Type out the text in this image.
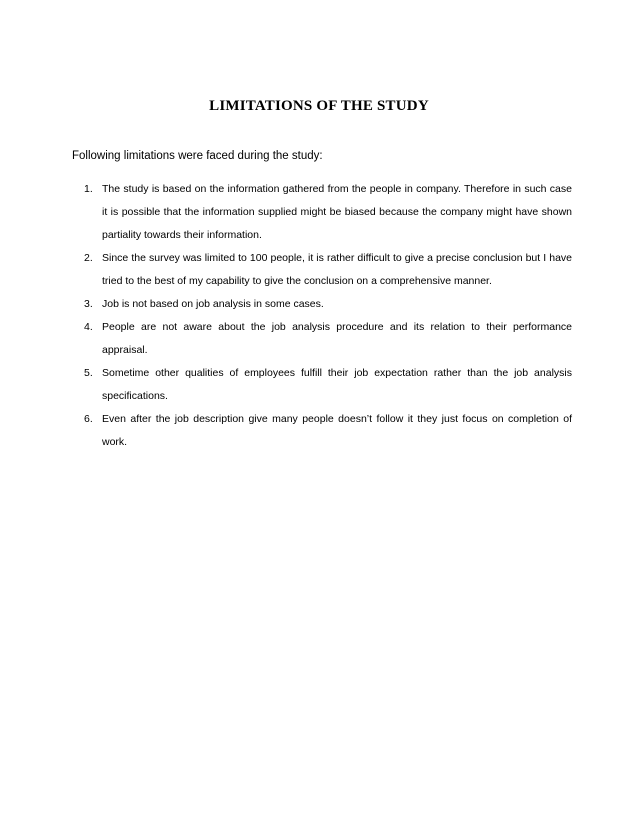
LIMITATIONS OF THE STUDY

Following limitations were faced during the study:

1. The study is based on the information gathered from the people in company. Therefore in such case it is possible that the information supplied might be biased because the company might have shown partiality towards their information.
2. Since the survey was limited to 100 people, it is rather difficult to give a precise conclusion but I have tried to the best of my capability to give the conclusion on a comprehensive manner.
3. Job is not based on job analysis in some cases.
4. People are not aware about the job analysis procedure and its relation to their performance appraisal.
5. Sometime other qualities of employees fulfill their job expectation rather than the job analysis specifications.
6. Even after the job description give many people doesn’t follow it they just focus on completion of work.
